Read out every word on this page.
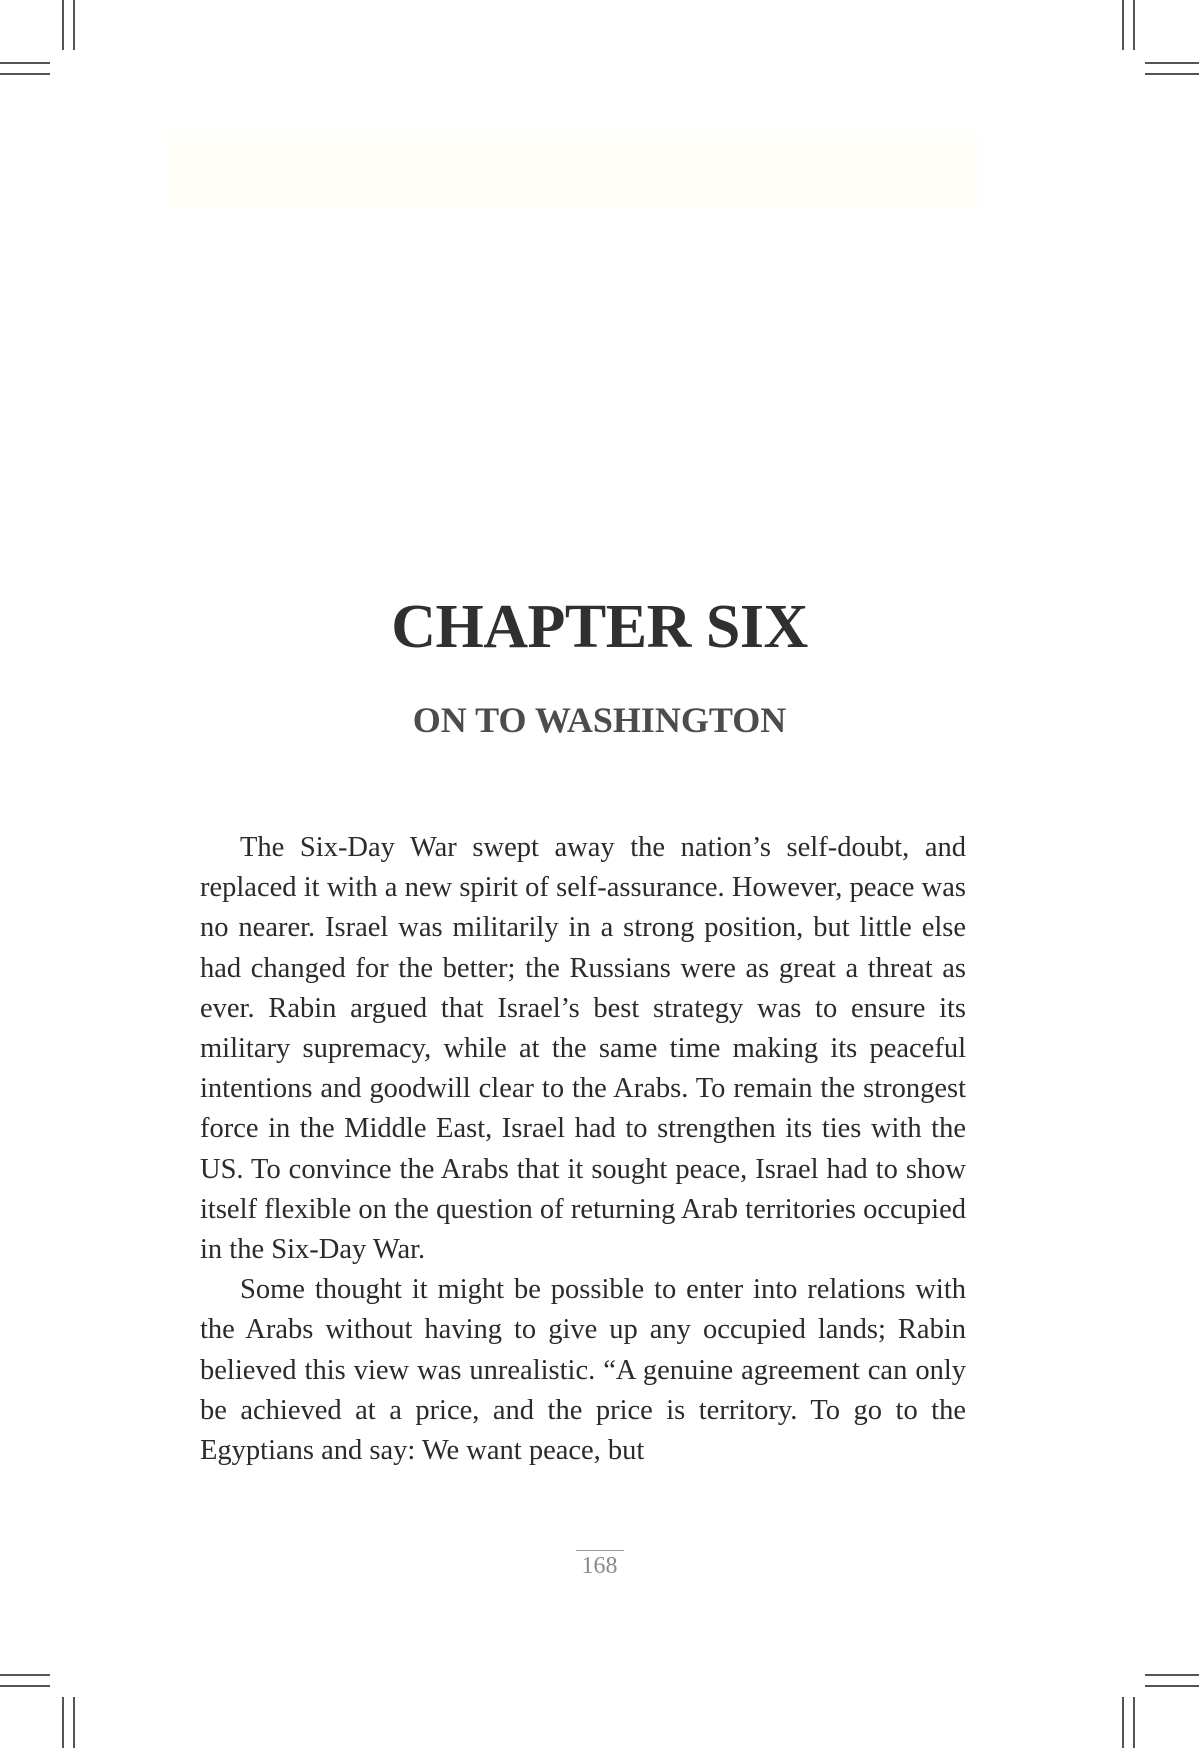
CHAPTER SIX
ON TO WASHINGTON

The Six-Day War swept away the nation’s self-doubt, and replaced it with a new spirit of self-assurance. However, peace was no nearer. Israel was militarily in a strong position, but little else had changed for the better; the Russians were as great a threat as ever. Rabin argued that Israel’s best strategy was to ensure its military supremacy, while at the same time making its peaceful intentions and goodwill clear to the Arabs. To remain the strongest force in the Middle East, Israel had to strengthen its ties with the US. To convince the Arabs that it sought peace, Israel had to show itself flexible on the question of returning Arab territories occupied in the Six-Day War.

Some thought it might be possible to enter into relations with the Arabs without having to give up any occupied lands; Rabin believed this view was unrealistic. “A genuine agreement can only be achieved at a price, and the price is territory. To go to the Egyptians and say: We want peace, but

168
